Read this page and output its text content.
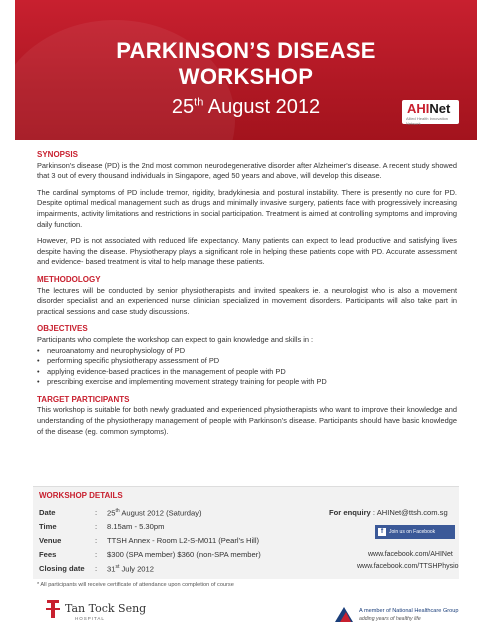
PARKINSON’S DISEASE
WORKSHOP
25th August 2012	AHINet
Allied Health Innovation Network
SYNOPSIS

Parkinson's disease (PD) is the 2nd most common neurodegenerative disorder after Alzheimer's disease. A recent study showed that 3 out of every thousand individuals in Singapore, aged 50 years and above, will develop this disease.

The cardinal symptoms of PD include tremor, rigidity, bradykinesia and postural instability. There is presently no cure for PD. Despite optimal medical management such as drugs and minimally invasive surgery, patients face with progressively increasing impairments, activity limitations and restrictions in social participation. Treatment is aimed at controlling symptoms and improving daily function.

However, PD is not associated with reduced life expectancy. Many patients can expect to lead productive and satisfying lives despite having the disease. Physiotherapy plays a significant role in helping these patients cope with PD. Accurate assessment and evidence- based treatment is vital to help manage these patients.

METHODOLOGY

The lectures will be conducted by senior physiotherapists and invited speakers ie. a neurologist who is also a movement disorder specialist and an experienced nurse clinician specialized in movement disorders. Participants will also take part in practical sessions and case study discussions.

OBJECTIVES
Participants who complete the workshop can expect to gain knowledge and skills in :
• neuroanatomy and neurophysiology of PD
• performing specific physiotherapy assessment of PD
• applying evidence-based practices in the management of people with PD
• prescribing exercise and implementing movement strategy training for people with PD
TARGET PARTICIPANTS

This workshop is suitable for both newly graduated and experienced physiotherapists who want to improve their knowledge and understanding of the physiotherapy management of people with Parkinson’s disease. Participants should have basic knowledge of the disease (eg. common symptoms).

WORKSHOP DETAILS
Date	: 25th August 2012 (Saturday)
Time	: 8.15am - 5.30pm
Venue	: TTSH Annex - Room L2-S-M011 (Pearl’s Hill)
Fees	: $300 (SPA member) $360 (non-SPA member)
Closing date	: 31st July 2012
For enquiry : AHINet@ttsh.com.sg
f	Join us on Facebook
www.facebook.com/AHINet
www.facebook.com/TTSHPhysio
* All participants will receive certificate of attendance upon completion of course
Tan Tock Seng
HOSPITAL
A member of National Healthcare Group
adding years of healthy life
